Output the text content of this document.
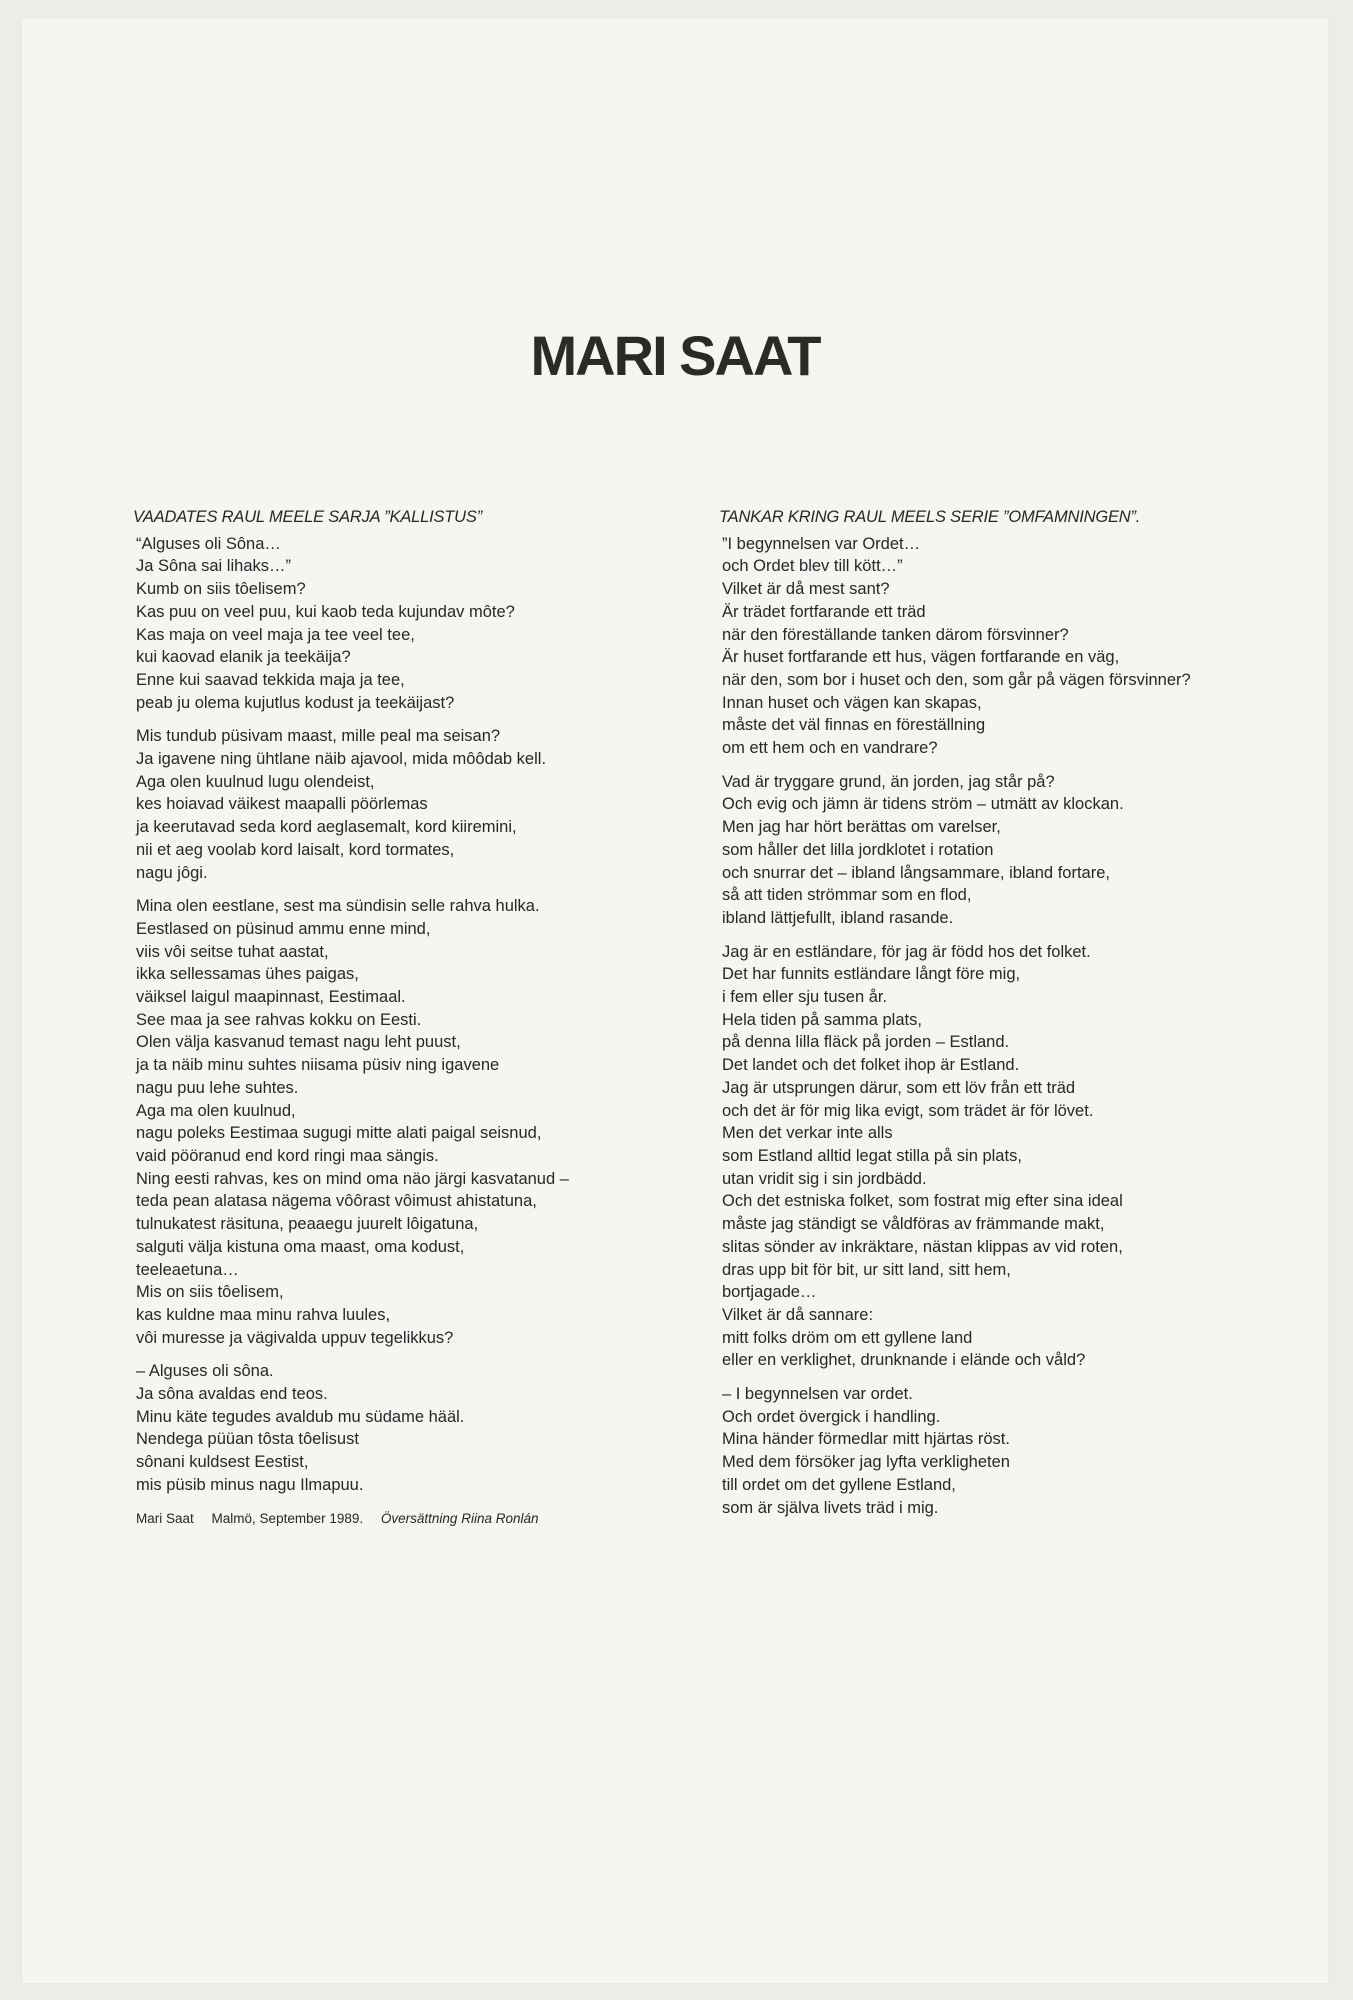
MARI SAAT
VAADATES RAUL MEELE SARJA ”KALLISTUS”
“Alguses oli Sôna…
Ja Sôna sai lihaks…”
Kumb on siis tôelisem?
Kas puu on veel puu, kui kaob teda kujundav môte?
Kas maja on veel maja ja tee veel tee,
kui kaovad elanik ja teekäija?
Enne kui saavad tekkida maja ja tee,
peab ju olema kujutlus kodust ja teekäijast?
Mis tundub püsivam maast, mille peal ma seisan?
Ja igavene ning ühtlane näib ajavool, mida môôdab kell.
Aga olen kuulnud lugu olendeist,
kes hoiavad väikest maapalli pöörlemas
ja keerutavad seda kord aeglasemalt, kord kiiremini,
nii et aeg voolab kord laisalt, kord tormates,
nagu jôgi.
Mina olen eestlane, sest ma sündisin selle rahva hulka.
Eestlased on püsinud ammu enne mind,
viis vôi seitse tuhat aastat,
ikka sellessamas ühes paigas,
väiksel laigul maapinnast, Eestimaal.
See maa ja see rahvas kokku on Eesti.
Olen välja kasvanud temast nagu leht puust,
ja ta näib minu suhtes niisama püsiv ning igavene
nagu puu lehe suhtes.
Aga ma olen kuulnud,
nagu poleks Eestimaa sugugi mitte alati paigal seisnud,
vaid pööranud end kord ringi maa sängis.
Ning eesti rahvas, kes on mind oma näo järgi kasvatanud –
teda pean alatasa nägema vôôrast vôimust ahistatuna,
tulnukatest räsituna, peaaegu juurelt lôigatuna,
salguti välja kistuna oma maast, oma kodust,
teeleaetuna…
Mis on siis tôelisem,
kas kuldne maa minu rahva luules,
vôi muresse ja vägivalda uppuv tegelikkus?
– Alguses oli sôna.
Ja sôna avaldas end teos.
Minu käte tegudes avaldub mu südame hääl.
Nendega püüan tôsta tôelisust
sônani kuldsest Eestist,
mis püsib minus nagu Ilmapuu.
Mari Saat Malmö, September 1989. Översättning Riina Ronlán
TANKAR KRING RAUL MEELS SERIE ”OMFAMNINGEN”.
”I begynnelsen var Ordet…
och Ordet blev till kött…”
Vilket är då mest sant?
Är trädet fortfarande ett träd
när den föreställande tanken därom försvinner?
Är huset fortfarande ett hus, vägen fortfarande en väg,
när den, som bor i huset och den, som går på vägen försvinner?
Innan huset och vägen kan skapas,
måste det väl finnas en föreställning
om ett hem och en vandrare?
Vad är tryggare grund, än jorden, jag står på?
Och evig och jämn är tidens ström – utmätt av klockan.
Men jag har hört berättas om varelser,
som håller det lilla jordklotet i rotation
och snurrar det – ibland långsammare, ibland fortare,
så att tiden strömmar som en flod,
ibland lättjefullt, ibland rasande.
Jag är en estländare, för jag är född hos det folket.
Det har funnits estländare långt före mig,
i fem eller sju tusen år.
Hela tiden på samma plats,
på denna lilla fläck på jorden – Estland.
Det landet och det folket ihop är Estland.
Jag är utsprungen därur, som ett löv från ett träd
och det är för mig lika evigt, som trädet är för lövet.
Men det verkar inte alls
som Estland alltid legat stilla på sin plats,
utan vridit sig i sin jordbädd.
Och det estniska folket, som fostrat mig efter sina ideal
måste jag ständigt se våldföras av främmande makt,
slitas sönder av inkräktare, nästan klippas av vid roten,
dras upp bit för bit, ur sitt land, sitt hem,
bortjagade…
Vilket är då sannare:
mitt folks dröm om ett gyllene land
eller en verklighet, drunknande i elände och våld?
– I begynnelsen var ordet.
Och ordet övergick i handling.
Mina händer förmedlar mitt hjärtas röst.
Med dem försöker jag lyfta verkligheten
till ordet om det gyllene Estland,
som är själva livets träd i mig.
